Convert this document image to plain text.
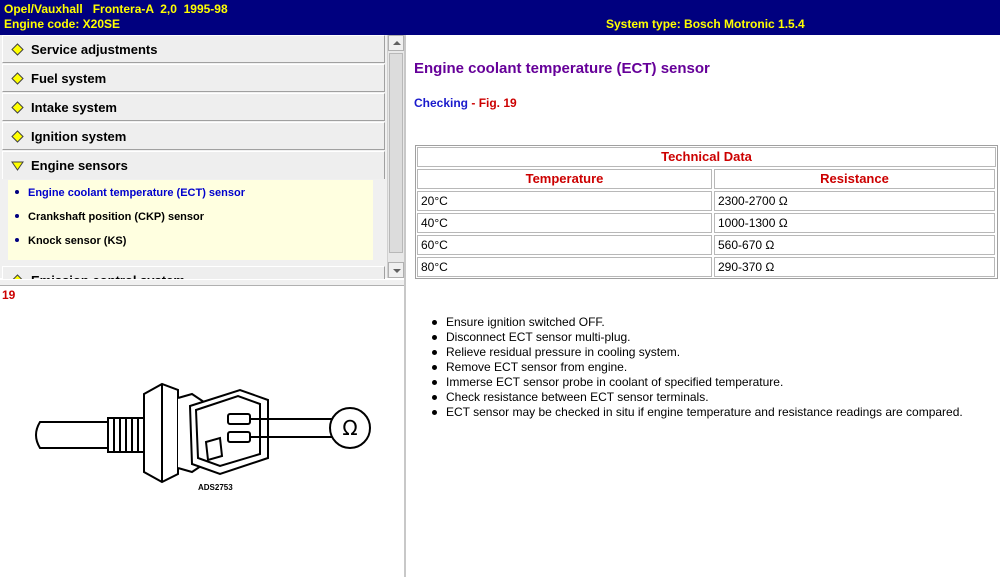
Opel/Vauxhall   Frontera-A  2,0  1995-98
Engine code: X20SE	System type: Bosch Motronic 1.5.4
Service adjustments
Fuel system
Intake system
Ignition system
Engine sensors
Engine coolant temperature (ECT) sensor
Crankshaft position (CKP) sensor
Knock sensor (KS)
19
Ω
ADS2753
Engine coolant temperature (ECT) sensor
Checking - Fig. 19
Technical Data
Temperature	Resistance
20°C	2300-2700 Ω
40°C	1000-1300 Ω
60°C	560-670 Ω
80°C	290-370 Ω
Ensure ignition switched OFF.
Disconnect ECT sensor multi-plug.
Relieve residual pressure in cooling system.
Remove ECT sensor from engine.
Immerse ECT sensor probe in coolant of specified temperature.
Check resistance between ECT sensor terminals.
ECT sensor may be checked in situ if engine temperature and resistance readings are compared.
